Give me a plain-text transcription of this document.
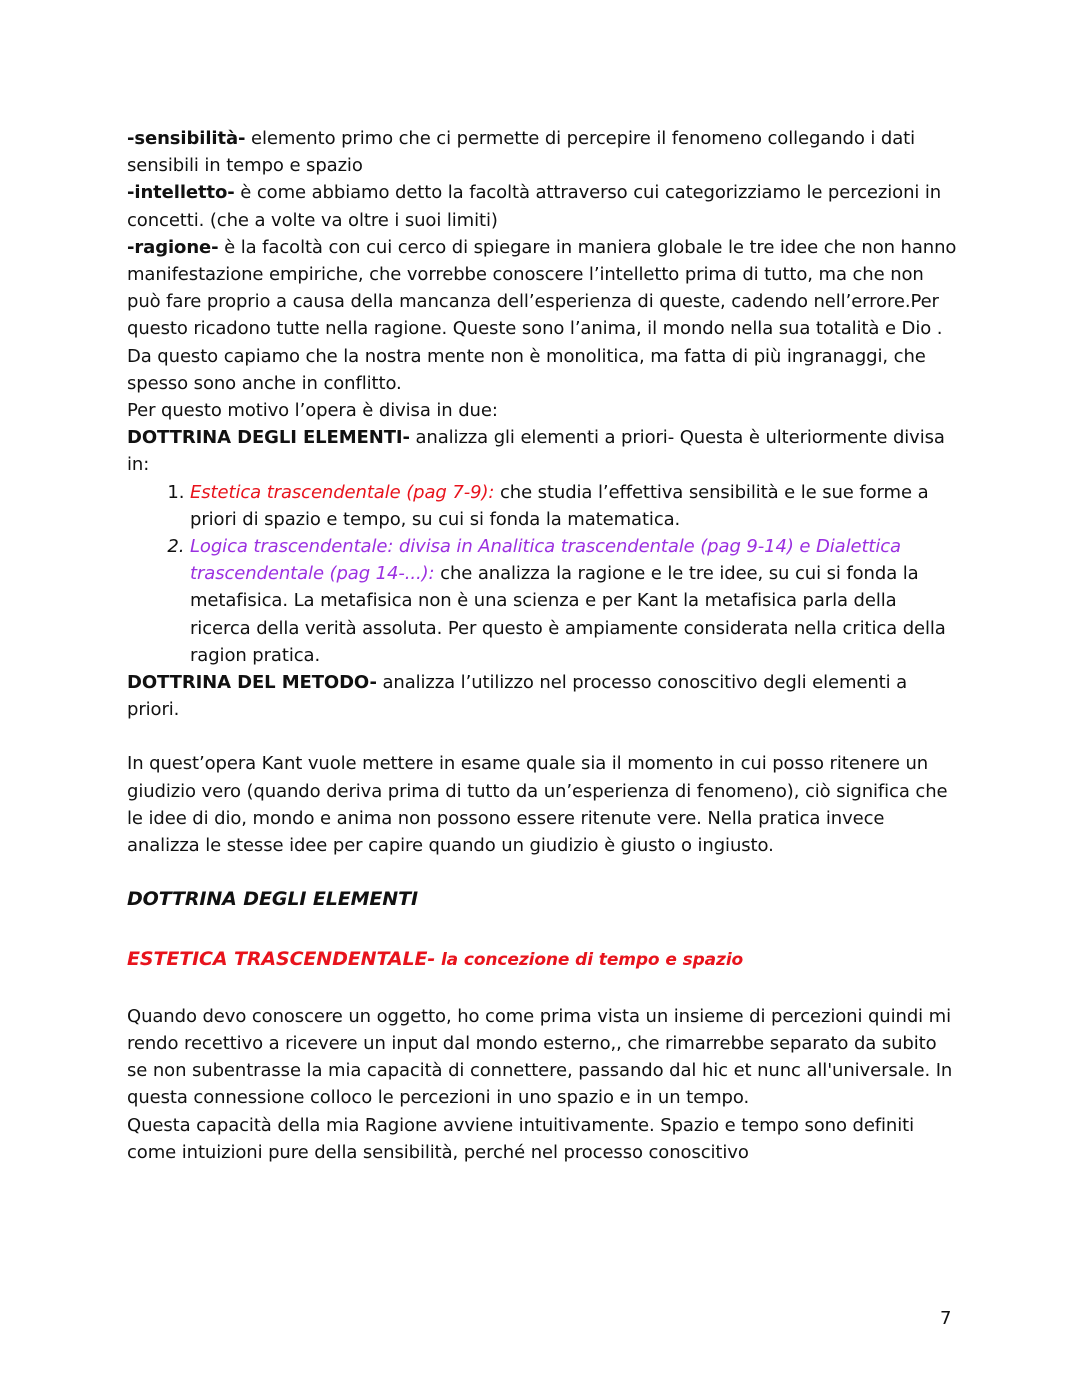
-sensibilità- elemento primo che ci permette di percepire il fenomeno collegando i dati sensibili in tempo e spazio

-intelletto- è come abbiamo detto la facoltà attraverso cui categorizziamo le percezioni in concetti. (che a volte va oltre i suoi limiti)

-ragione- è la facoltà con cui cerco di spiegare in maniera globale le tre idee che non hanno manifestazione empiriche, che vorrebbe conoscere l’intelletto prima di tutto, ma che non può fare proprio a causa della mancanza dell’esperienza di queste, cadendo nell’errore.Per questo ricadono tutte nella ragione. Queste sono l’anima, il mondo nella sua totalità e Dio .

Da questo capiamo che la nostra mente non è monolitica, ma fatta di più ingranaggi, che spesso sono anche in conflitto.

Per questo motivo l’opera è divisa in due:

DOTTRINA DEGLI ELEMENTI- analizza gli elementi a priori- Questa è ulteriormente divisa in:

1. Estetica trascendentale (pag 7-9): che studia l’effettiva sensibilità e le sue forme a priori di spazio e tempo, su cui si fonda la matematica.
2. Logica trascendentale: divisa in Analitica trascendentale (pag 9-14) e Dialettica trascendentale (pag 14-...): che analizza la ragione e le tre idee, su cui si fonda la metafisica. La metafisica non è una scienza e per Kant la metafisica parla della ricerca della verità assoluta. Per questo è ampiamente considerata nella critica della ragion pratica.

DOTTRINA DEL METODO- analizza l’utilizzo nel processo conoscitivo degli elementi a priori.

In quest’opera Kant vuole mettere in esame quale sia il momento in cui posso ritenere un giudizio vero (quando deriva prima di tutto da un’esperienza di fenomeno), ciò significa che le idee di dio, mondo e anima non possono essere ritenute vere. Nella pratica invece analizza le stesse idee per capire quando un giudizio è giusto o ingiusto.

DOTTRINA DEGLI ELEMENTI

ESTETICA TRASCENDENTALE- la concezione di tempo e spazio

Quando devo conoscere un oggetto, ho come prima vista un insieme di percezioni quindi mi rendo recettivo a ricevere un input dal mondo esterno,, che rimarrebbe separato da subito se non subentrasse la mia capacità di connettere, passando dal hic et nunc all'universale. In questa connessione colloco le percezioni in uno spazio e in un tempo.

Questa capacità della mia Ragione avviene intuitivamente. Spazio e tempo sono definiti come intuizioni pure della sensibilità, perché nel processo conoscitivo

7
